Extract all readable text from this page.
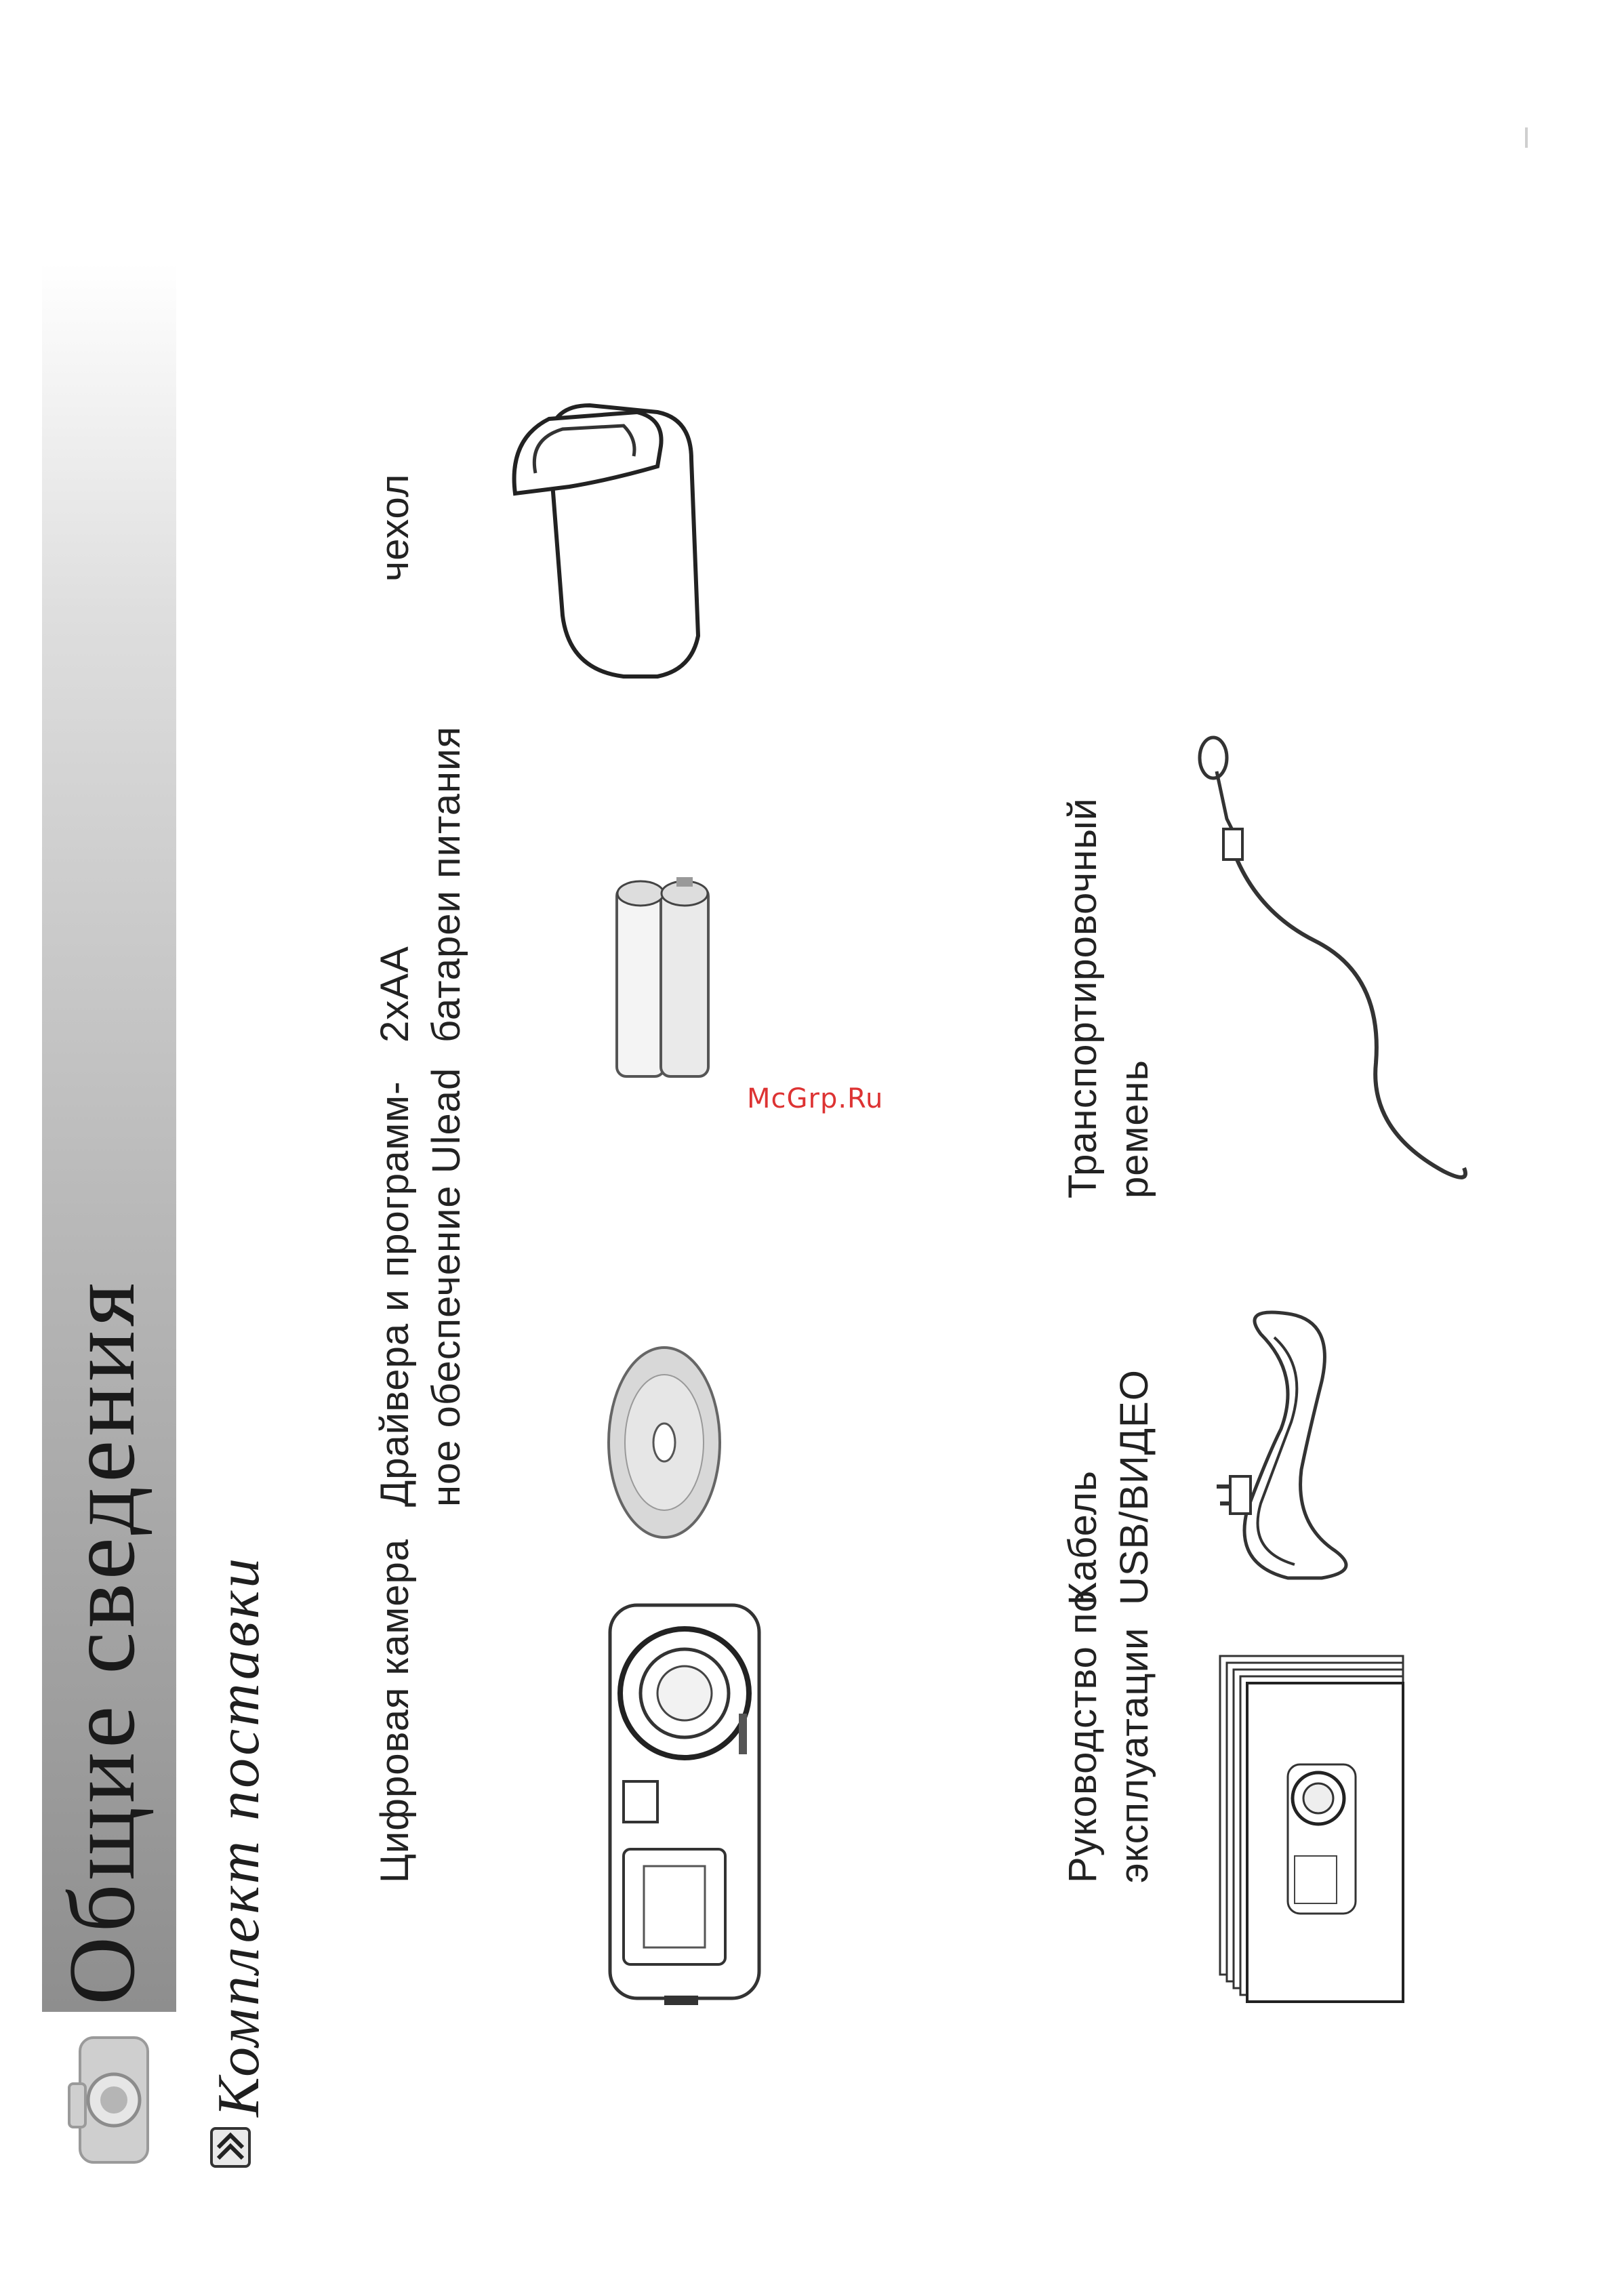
McGrp.Ru
Общие сведения Комплект поставки	Цифровая камера
Драйвера и программ- ное обеспечение Ulead
2xAA батареи питания
чехол
Руководство по эксплуатации
Кабель USB/ВИДЕО
Транспортировочный ремень
